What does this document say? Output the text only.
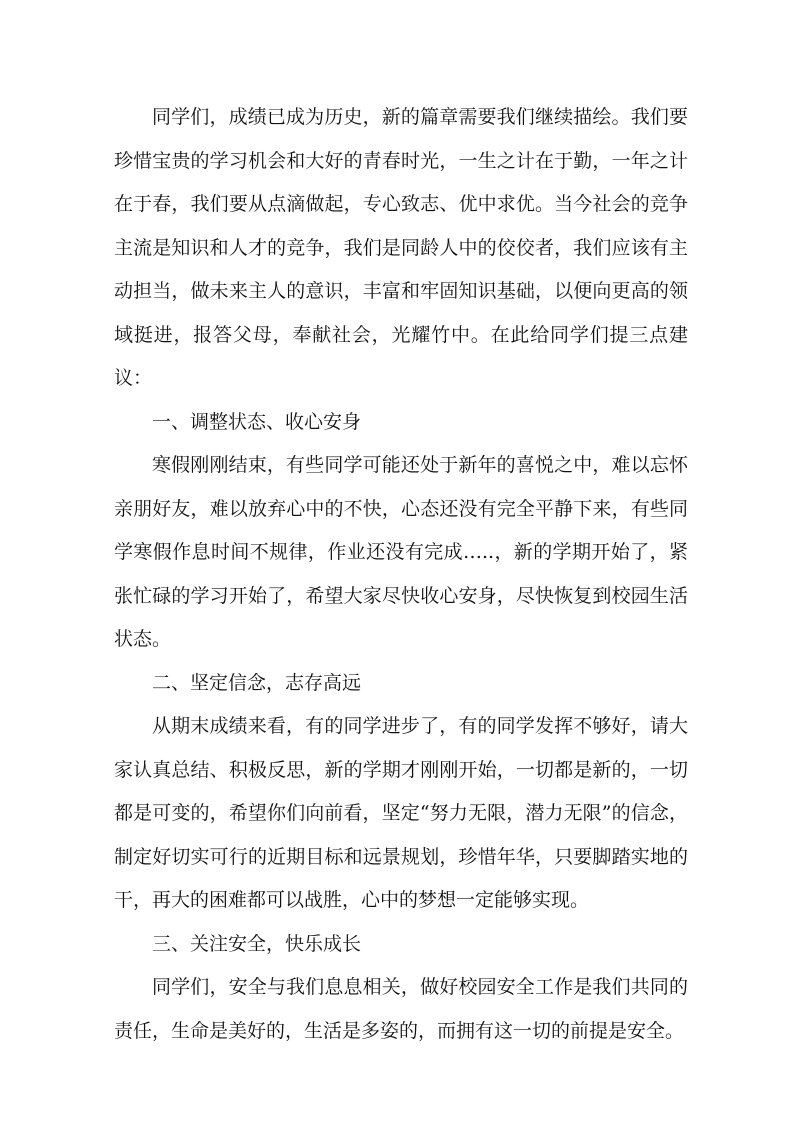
同学们，成绩已成为历史，新的篇章需要我们继续描绘。我们要珍惜宝贵的学习机会和大好的青春时光，一生之计在于勤，一年之计在于春，我们要从点滴做起，专心致志、优中求优。当今社会的竞争主流是知识和人才的竞争，我们是同龄人中的佼佼者，我们应该有主动担当，做未来主人的意识，丰富和牢固知识基础，以便向更高的领域挺进，报答父母，奉献社会，光耀竹中。在此给同学们提三点建议：

一、调整状态、收心安身

寒假刚刚结束，有些同学可能还处于新年的喜悦之中，难以忘怀亲朋好友，难以放弃心中的不快，心态还没有完全平静下来，有些同学寒假作息时间不规律，作业还没有完成…..，新的学期开始了，紧张忙碌的学习开始了，希望大家尽快收心安身，尽快恢复到校园生活状态。

二、坚定信念，志存高远

从期末成绩来看，有的同学进步了，有的同学发挥不够好，请大家认真总结、积极反思，新的学期才刚刚开始，一切都是新的，一切都是可变的，希望你们向前看，坚定“努力无限，潜力无限”的信念，制定好切实可行的近期目标和远景规划，珍惜年华，只要脚踏实地的干，再大的困难都可以战胜，心中的梦想一定能够实现。

三、关注安全，快乐成长

同学们，安全与我们息息相关，做好校园安全工作是我们共同的责任，生命是美好的，生活是多姿的，而拥有这一切的前提是安全。
